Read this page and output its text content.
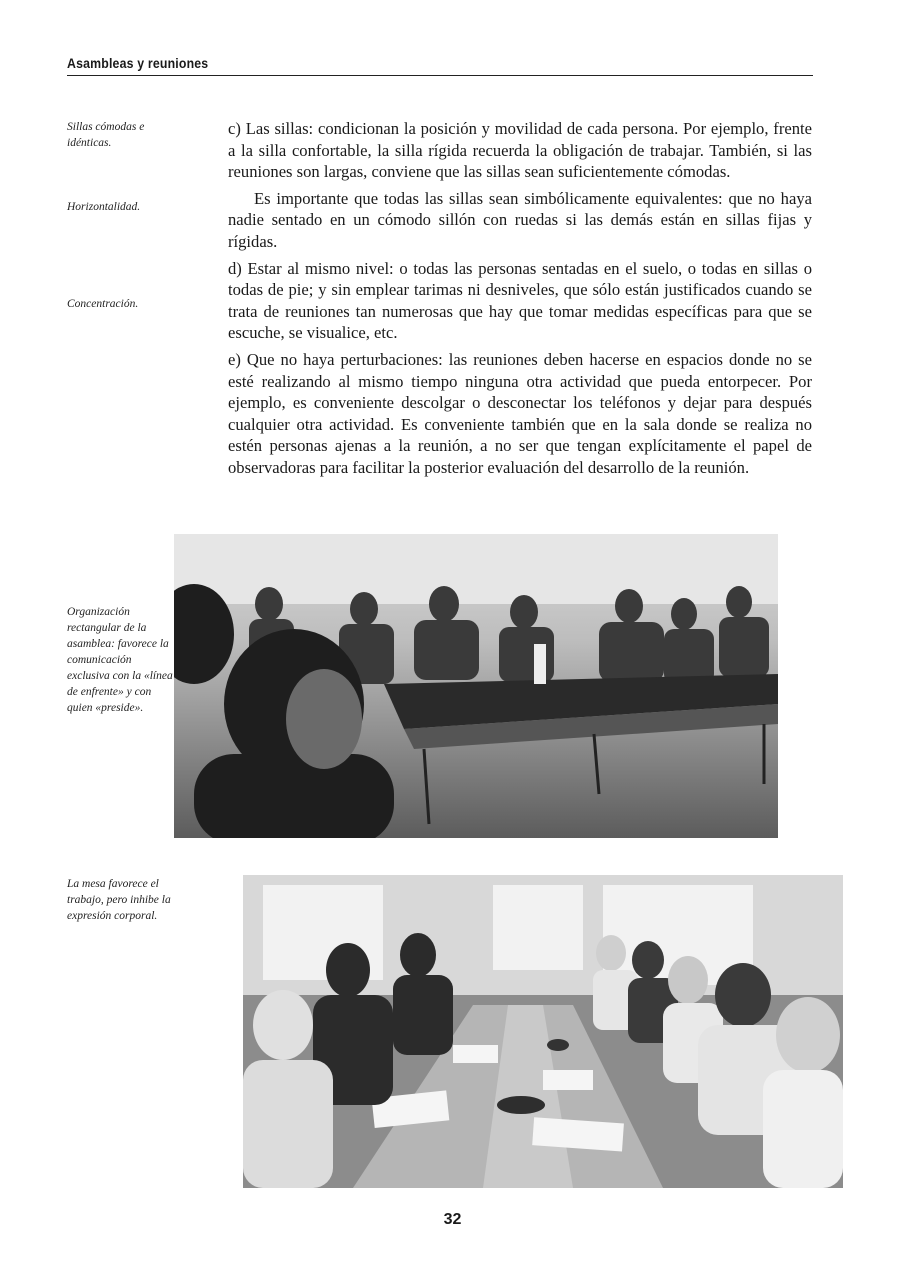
Asambleas y reuniones
Sillas cómodas e idénticas.
Horizontalidad.
Concentración.

c) Las sillas: condicionan la posición y movilidad de cada persona. Por ejemplo, frente a la silla confortable, la silla rígida recuerda la obligación de trabajar. También, si las reuniones son largas, conviene que las sillas sean suficientemente cómodas.

Es importante que todas las sillas sean simbólicamente equivalentes: que no haya nadie sentado en un cómodo sillón con ruedas si las demás están en sillas fijas y rígidas.

d) Estar al mismo nivel: o todas las personas sentadas en el suelo, o todas en sillas o todas de pie; y sin emplear tarimas ni desniveles, que sólo están justificados cuando se trata de reuniones tan numerosas que hay que tomar medidas específicas para que se escuche, se visualice, etc.

e) Que no haya perturbaciones: las reuniones deben hacerse en espacios donde no se esté realizando al mismo tiempo ninguna otra actividad que pueda entorpecer. Por ejemplo, es conveniente descolgar o desconectar los teléfonos y dejar para después cualquier otra actividad. Es conveniente también que en la sala donde se realiza no estén personas ajenas a la reunión, a no ser que tengan explícitamente el papel de observadoras para facilitar la posterior evaluación del desarrollo de la reunión.

Organización rectangular de la asamblea: favorece la comunicación exclusiva con la «línea de enfrente» y con quien «preside».
La mesa favorece el trabajo, pero inhibe la expresión corporal.
32
